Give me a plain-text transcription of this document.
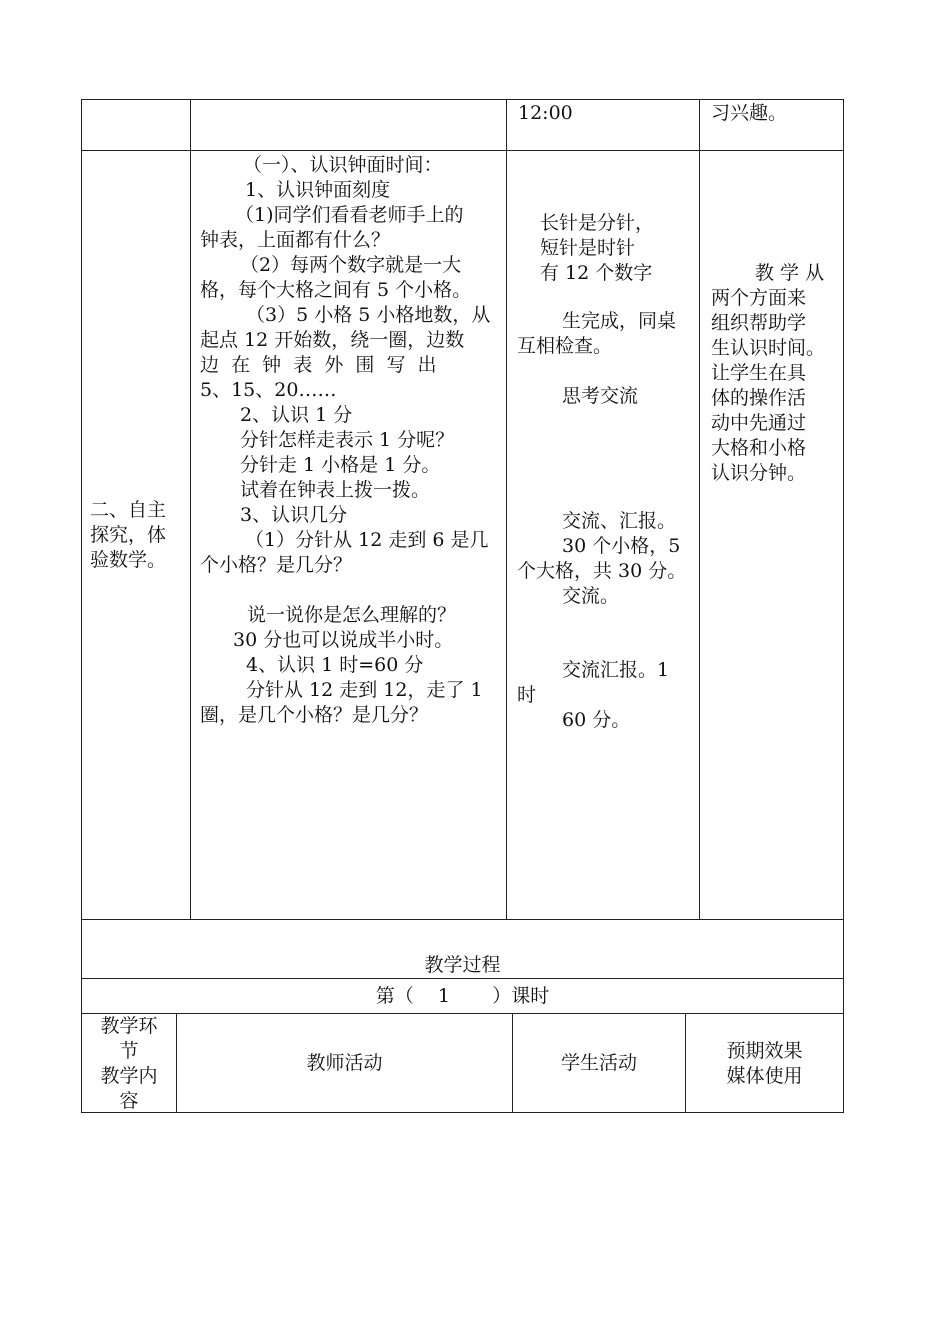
12:00	习兴趣。
二、自主
探究，体
验数学。
（一）、认识钟面时间：
1、认识钟面刻度
（1)同学们看看老师手上的
钟表，上面都有什么？
（2）每两个数字就是一大
格，每个大格之间有 5 个小格。
（3）5 小格 5 小格地数，从
起点 12 开始数，绕一圈，边数
边  在  钟  表  外  围  写  出
5、15、20……
2、认识 1 分
分针怎样走表示 1 分呢？
分针走 1 小格是 1 分。
试着在钟表上拨一拨。
3、认识几分
（1）分针从 12 走到 6 是几
个小格？是几分？
说一说你是怎么理解的？
30 分也可以说成半小时。
4、认识 1 时=60 分
分针从 12 走到 12，走了 1
圈，是几个小格？是几分？
长针是分针，
短针是时针
有 12 个数字
生完成，同桌
互相检查。
思考交流
交流、汇报。
30 个小格，5
个大格，共 30 分。
交流。
交流汇报。1
时
60 分。
教 学 从
两个方面来
组织帮助学
生认识时间。
让学生在具
体的操作活
动中先通过
大格和小格
认识分钟。
教学过程
第（    1       ）课时
教学环
节
教学内
容
教师活动	学生活动
预期效果
媒体使用
